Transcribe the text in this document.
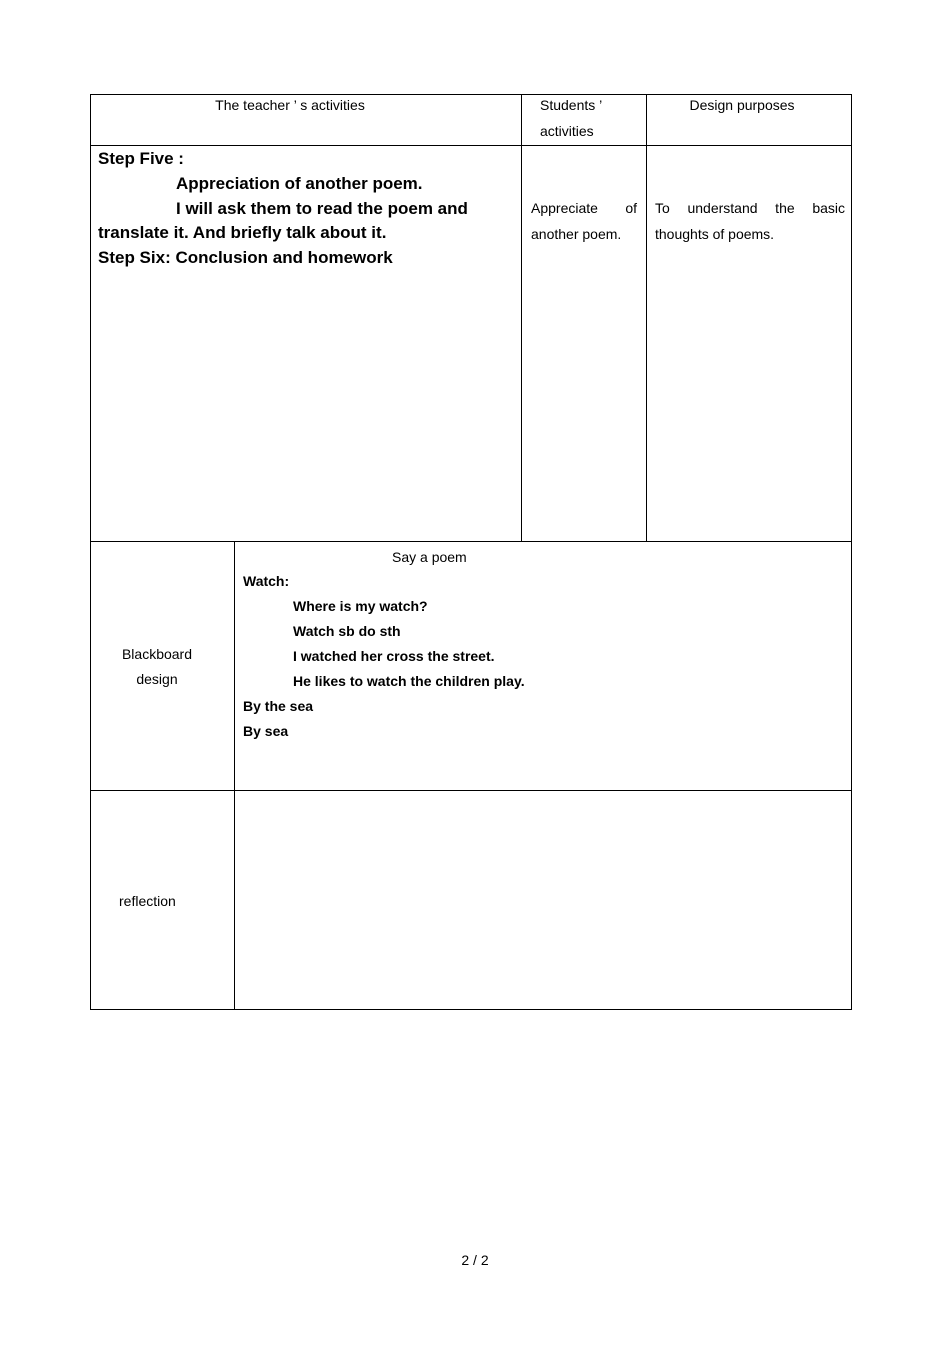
The teacher ’ s activities	Students ’
activities
Design purposes
Step Five :
Appreciation of another poem.
I will ask them to read the poem and
translate it. And briefly talk about it.
Step Six: Conclusion and homework
Appreciate of
another poem.
To understand the basic
thoughts of poems.
Blackboard
design
Say a poem
Watch:
Where is my watch?
Watch sb do sth
I watched her cross the street.
He likes to watch the children play.
By the sea
By sea
reflection
2 / 2
